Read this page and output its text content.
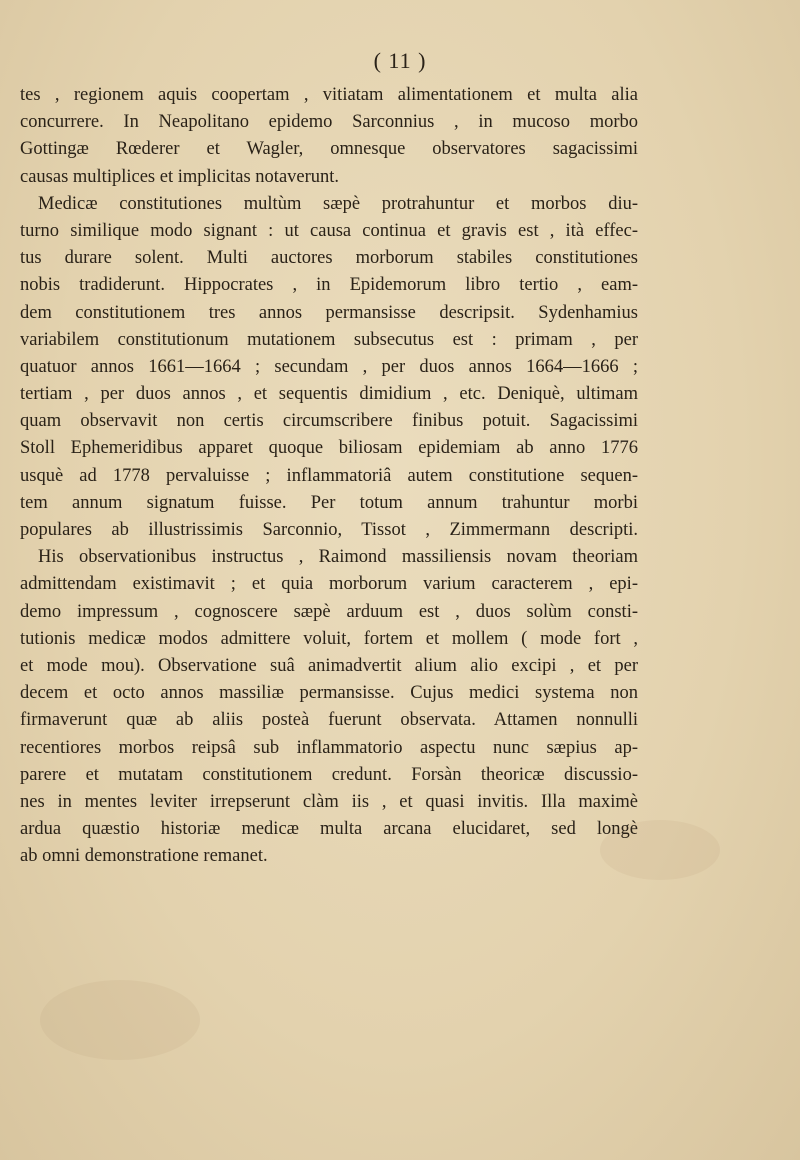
( 11 )
tes , regionem aquis coopertam , vitiatam alimentationem et multa alia
concurrere. In Neapolitano epidemo Sarconnius , in mucoso morbo
Gottingæ Rœderer et Wagler, omnesque observatores sagacissimi
causas multiplices et implicitas notaverunt.
Medicæ constitutiones multùm sæpè protrahuntur et morbos diu-
turno similique modo signant : ut causa continua et gravis est , ità effec-
tus durare solent. Multi auctores morborum stabiles constitutiones
nobis tradiderunt. Hippocrates , in Epidemorum libro tertio , eam-
dem constitutionem tres annos permansisse descripsit. Sydenhamius
variabilem constitutionum mutationem subsecutus est : primam , per
quatuor annos 1661—1664 ; secundam , per duos annos 1664—1666 ;
tertiam , per duos annos , et sequentis dimidium , etc. Deniquè, ultimam
quam observavit non certis circumscribere finibus potuit. Sagacissimi
Stoll Ephemeridibus apparet quoque biliosam epidemiam ab anno 1776
usquè ad 1778 pervaluisse ; inflammatoriâ autem constitutione sequen-
tem annum signatum fuisse. Per totum annum trahuntur morbi
populares ab illustrissimis Sarconnio, Tissot , Zimmermann descripti.
His observationibus instructus , Raimond massiliensis novam theoriam
admittendam existimavit ; et quia morborum varium caracterem , epi-
demo impressum , cognoscere sæpè arduum est , duos solùm consti-
tutionis medicæ modos admittere voluit, fortem et mollem ( mode fort ,
et mode mou). Observatione suâ animadvertit alium alio excipi , et per
decem et octo annos massiliæ permansisse. Cujus medici systema non
firmaverunt quæ ab aliis posteà fuerunt observata. Attamen nonnulli
recentiores morbos reipsâ sub inflammatorio aspectu nunc sæpius ap-
parere et mutatam constitutionem credunt. Forsàn theoricæ discussio-
nes in mentes leviter irrepserunt clàm iis , et quasi invitis. Illa maximè
ardua quæstio historiæ medicæ multa arcana elucidaret, sed longè
ab omni demonstratione remanet.
